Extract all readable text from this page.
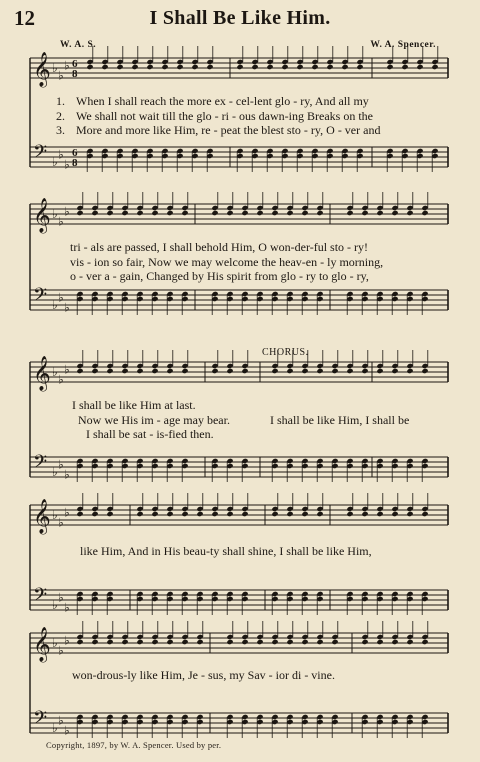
12	I Shall Be Like Him.
W. A. S.	W. A. Spencer.
CHORUS.
Copyright, 1897, by W. A. Spencer. Used by per.
𝄞 ♭
♭
♭ 6
8
𝄢 ♭
♭
♭
6
8
𝄞 ♭
♭
♭
𝄢 ♭
♭
♭
𝄞 ♭
♭
♭
𝄢 ♭
♭
♭
𝄞 ♭
♭
♭
𝄢 ♭
♭
♭
𝄞 ♭
♭
♭
𝄢 ♭
♭
♭
1. When I shall reach the more ex - cel-lent glo - ry, And all my
2. We shall not wait till the glo - ri - ous dawn-ing Breaks on the
3. More and more like Him, re - peat the blest sto - ry, O - ver and
tri - als are passed, I shall behold Him, O won-der-ful sto - ry!
vis - ion so fair, Now we may welcome the heav-en - ly morning,
o - ver a - gain, Changed by His spirit from glo - ry to glo - ry,
I shall be like Him at last.
Now we His im - age may bear.	I shall be like Him, I shall be
I shall be sat - is-fied then.
like Him, And in His beau-ty shall shine, I shall be like Him,
won-drous-ly like Him, Je - sus, my Sav - ior di - vine.
